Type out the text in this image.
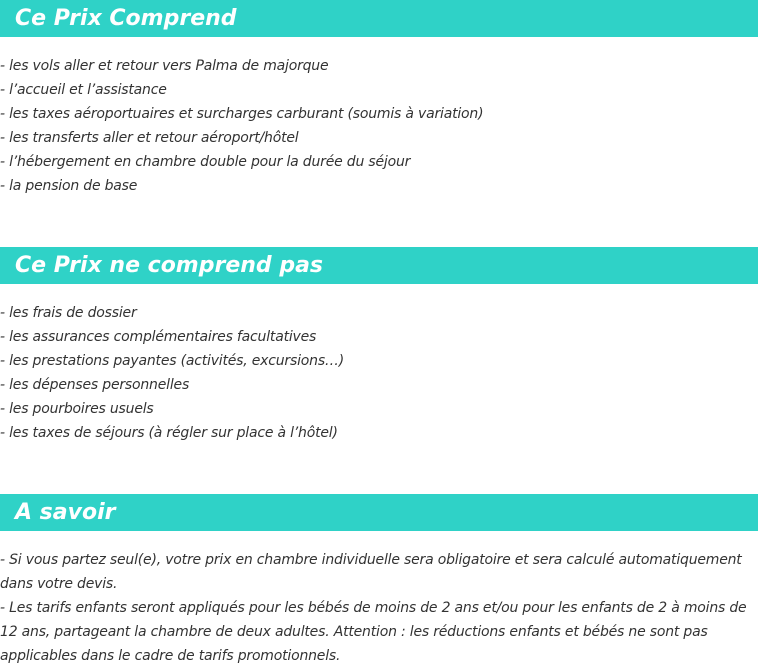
Ce Prix Comprend
- les vols aller et retour vers Palma de majorque
- l’accueil et l’assistance
- les taxes aéroportuaires et surcharges carburant (soumis à variation)
- les transferts aller et retour aéroport/hôtel
- l’hébergement en chambre double pour la durée du séjour
- la pension de base
Ce Prix ne comprend pas
- les frais de dossier
- les assurances complémentaires facultatives
- les prestations payantes (activités, excursions…)
- les dépenses personnelles
- les pourboires usuels
- les taxes de séjours (à régler sur place à l’hôtel)
A savoir

- Si vous partez seul(e), votre prix en chambre individuelle sera obligatoire et sera calculé automatiquement dans votre devis.

- Les tarifs enfants seront appliqués pour les bébés de moins de 2 ans et/ou pour les enfants de 2 à moins de 12 ans, partageant la chambre de deux adultes. Attention : les réductions enfants et bébés ne sont pas applicables dans le cadre de tarifs promotionnels.
